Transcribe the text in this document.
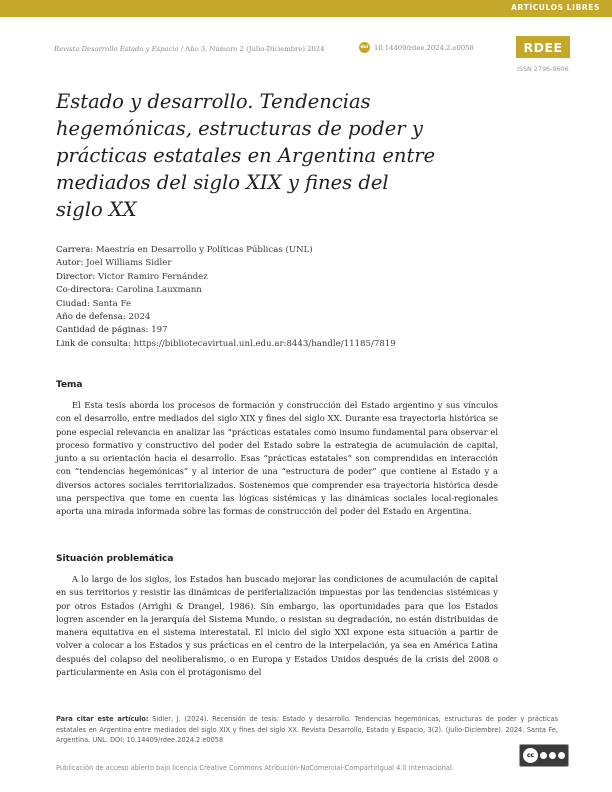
ARTÍCULOS LIBRES
Revista Desarrollo Estado y Espacio / Año 3, Número 2 (Julio-Diciembre) 2024	doi 10.14409/rdee.2024.2.e0058	RDEE
ISSN 2796-9606
Estado y desarrollo. Tendencias hegemónicas, estructuras de poder y prácticas estatales en Argentina entre mediados del siglo XIX y fines del siglo XX
Carrera: Maestría en Desarrollo y Políticas Públicas (UNL)
Autor: Joel Williams Sidler
Director: Victor Ramiro Fernández
Co-directora: Carolina Lauxmann
Ciudad: Santa Fe
Año de defensa: 2024
Cantidad de páginas: 197
Link de consulta: https://bibliotecavirtual.unl.edu.ar:8443/handle/11185/7819
Tema

El Esta tesis aborda los procesos de formación y construcción del Estado argentino y sus vínculos con el desarrollo, entre mediados del siglo XIX y fines del siglo XX. Durante esa trayectoria histórica se pone especial relevancia en analizar las “prácticas estatales como insumo fundamental para observar el proceso formativo y constructivo del poder del Estado sobre la estrategia de acumulación de capital, junto a su orientación hacia el desarrollo. Esas “prácticas estatales” son comprendidas en interacción con “tendencias hegemónicas” y al interior de una “estructura de poder” que contiene al Estado y a diversos actores sociales territorializados. Sostenemos que comprender esa trayectoria histórica desde una perspectiva que tome en cuenta las lógicas sistémicas y las dinámicas sociales local-regionales aporta una mirada informada sobre las formas de construcción del poder del Estado en Argentina.

Situación problemática

A lo largo de los siglos, los Estados han buscado mejorar las condiciones de acumulación de capital en sus territorios y resistir las dinámicas de periferialización impuestas por las tendencias sistémicas y por otros Estados (Arrighi & Drangel, 1986). Sin embargo, las oportunidades para que los Estados logren ascender en la jerarquía del Sistema Mundo, o resistan su degradación, no están distribuidas de manera equitativa en el sistema interestatal. El inicio del siglo XXI expone esta situación a partir de volver a colocar a los Estados y sus prácticas en el centro de la interpelación, ya sea en América Latina después del colapso del neoliberalismo, o en Europa y Estados Unidos después de la crisis del 2008 o particularmente en Asia con el protagonismo del

Para citar este artículo: Sidler, J. (2024). Recensión de tesis: Estado y desarrollo. Tendencias hegemónicas, estructuras de poder y prácticas estatales en Argentina entre mediados del siglo XIX y fines del siglo XX. Revista Desarrollo, Estado y Espacio, 3(2). (Julio-Diciembre). 2024. Santa Fe, Argentina. UNL. DOI: 10.14409/rdee.2024.2.e0058

cc
Publicación de acceso abierto bajo licencia Creative Commons Atribución-NoComercial-CompartirIgual 4.0 Internacional.
